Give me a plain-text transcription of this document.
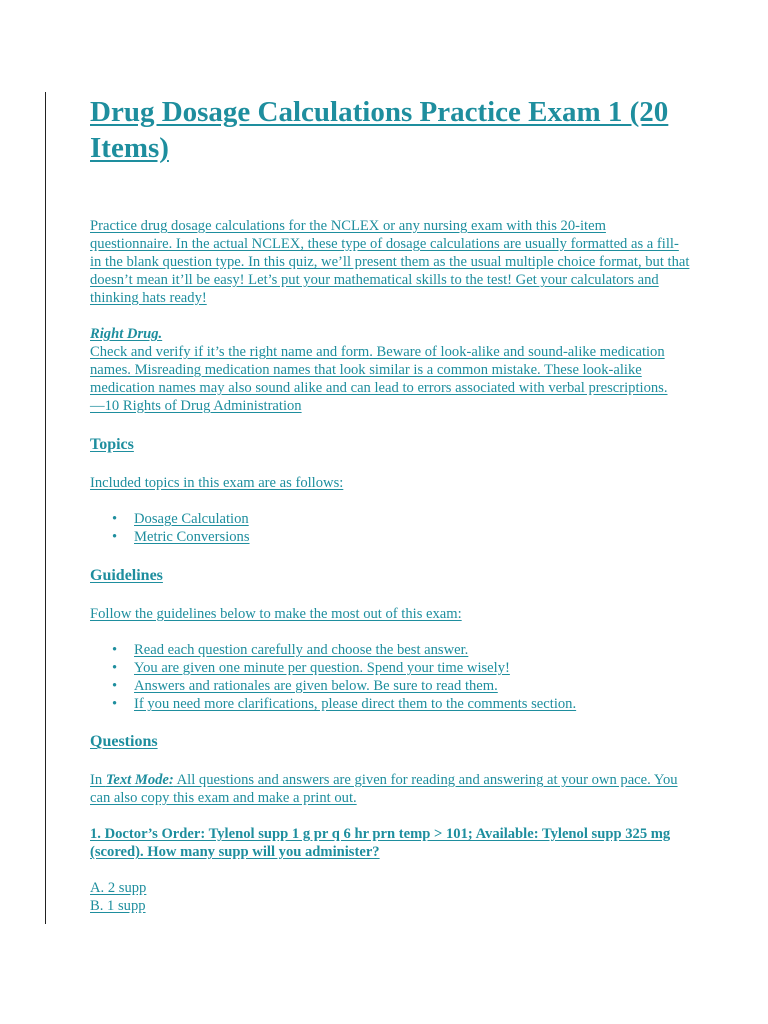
Drug Dosage Calculations Practice Exam 1 (20 Items)

Practice drug dosage calculations for the NCLEX or any nursing exam with this 20-item questionnaire. In the actual NCLEX, these type of dosage calculations are usually formatted as a fill-in the blank question type. In this quiz, we’ll present them as the usual multiple choice format, but that doesn’t mean it’ll be easy! Let’s put your mathematical skills to the test! Get your calculators and thinking hats ready!

Right Drug.

Check and verify if it’s the right name and form. Beware of look-alike and sound-alike medication names. Misreading medication names that look similar is a common mistake. These look-alike medication names may also sound alike and can lead to errors associated with verbal prescriptions.

—10 Rights of Drug Administration

Topics

Included topics in this exam are as follows:

• Dosage Calculation
• Metric Conversions
Guidelines

Follow the guidelines below to make the most out of this exam:

• Read each question carefully and choose the best answer.
• You are given one minute per question. Spend your time wisely!
• Answers and rationales are given below. Be sure to read them.
• If you need more clarifications, please direct them to the comments section.
Questions

In Text Mode: All questions and answers are given for reading and answering at your own pace. You can also copy this exam and make a print out.

1. Doctor’s Order: Tylenol supp 1 g pr q 6 hr prn temp > 101; Available: Tylenol supp 325 mg (scored). How many supp will you administer?

A. 2 supp

B. 1 supp
